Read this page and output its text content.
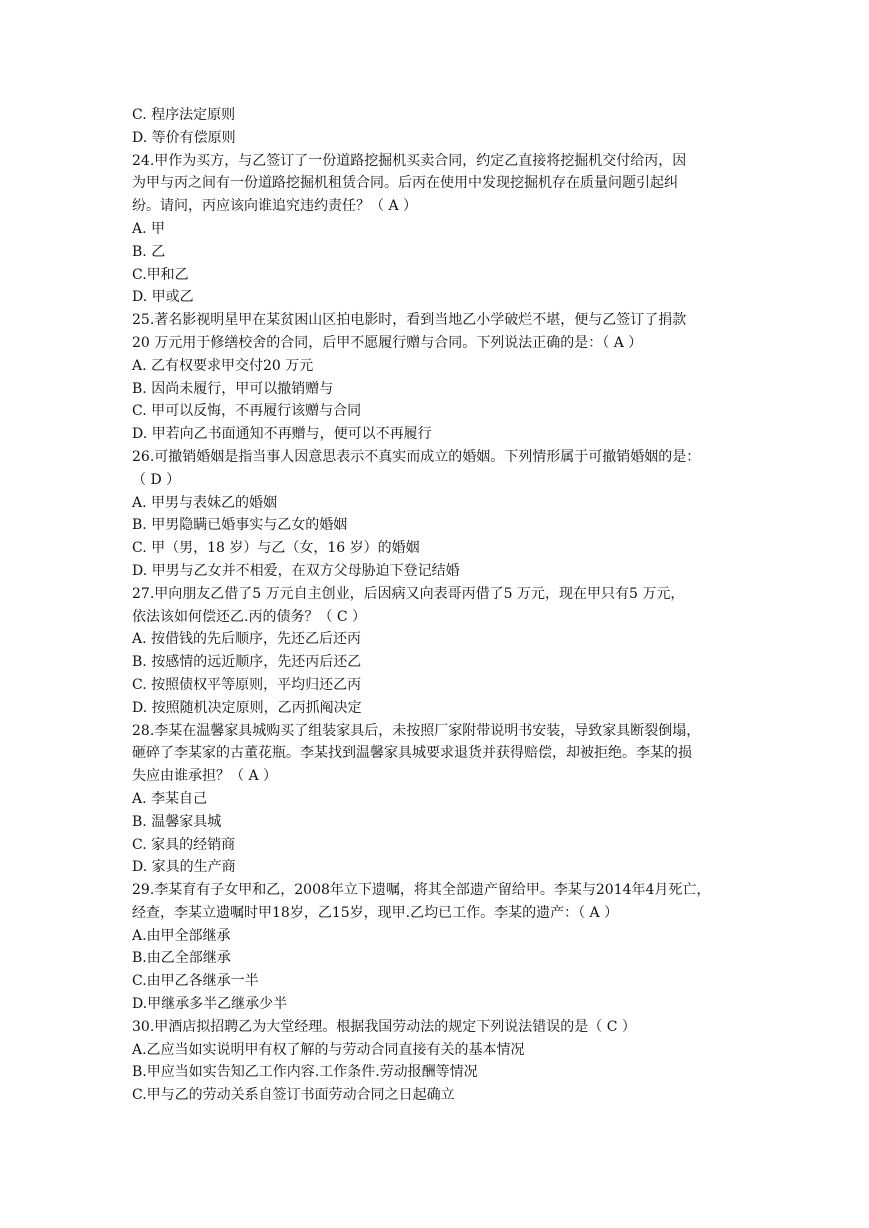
C. 程序法定原则

D. 等价有偿原则

24.甲作为买方，与乙签订了一份道路挖掘机买卖合同，约定乙直接将挖掘机交付给丙，因

为甲与丙之间有一份道路挖掘机租赁合同。后丙在使用中发现挖掘机存在质量问题引起纠

纷。请问，丙应该向谁追究违约责任？（ A ）

A. 甲

B. 乙

C.甲和乙

D. 甲或乙

25.著名影视明星甲在某贫困山区拍电影时，看到当地乙小学破烂不堪，便与乙签订了捐款

20 万元用于修缮校舍的合同，后甲不愿履行赠与合同。下列说法正确的是：（ A ）

A. 乙有权要求甲交付20 万元

B. 因尚未履行，甲可以撤销赠与

C. 甲可以反悔，不再履行该赠与合同

D. 甲若向乙书面通知不再赠与，便可以不再履行

26.可撤销婚姻是指当事人因意思表示不真实而成立的婚姻。下列情形属于可撤销婚姻的是：

（ D ）

A. 甲男与表妹乙的婚姻

B. 甲男隐瞒已婚事实与乙女的婚姻

C. 甲（男，18 岁）与乙（女，16 岁）的婚姻

D. 甲男与乙女并不相爱，在双方父母胁迫下登记结婚

27.甲向朋友乙借了5 万元自主创业，后因病又向表哥丙借了5 万元，现在甲只有5 万元，

依法该如何偿还乙.丙的债务？（ C ）

A. 按借钱的先后顺序，先还乙后还丙

B. 按感情的远近顺序，先还丙后还乙

C. 按照债权平等原则，平均归还乙丙

D. 按照随机决定原则，乙丙抓阄决定

28.李某在温馨家具城购买了组装家具后，未按照厂家附带说明书安装，导致家具断裂倒塌，

砸碎了李某家的古董花瓶。李某找到温馨家具城要求退货并获得赔偿，却被拒绝。李某的损

失应由谁承担？（ A ）

A. 李某自己

B. 温馨家具城

C. 家具的经销商

D. 家具的生产商

29.李某育有子女甲和乙，2008年立下遗嘱，将其全部遗产留给甲。李某与2014年4月死亡，

经查，李某立遗嘱时甲18岁，乙15岁，现甲.乙均已工作。李某的遗产：（ A ）

A.由甲全部继承

B.由乙全部继承

C.由甲乙各继承一半

D.甲继承多半乙继承少半

30.甲酒店拟招聘乙为大堂经理。根据我国劳动法的规定下列说法错误的是（ C ）

A.乙应当如实说明甲有权了解的与劳动合同直接有关的基本情况

B.甲应当如实告知乙工作内容.工作条件.劳动报酬等情况

C.甲与乙的劳动关系自签订书面劳动合同之日起确立
